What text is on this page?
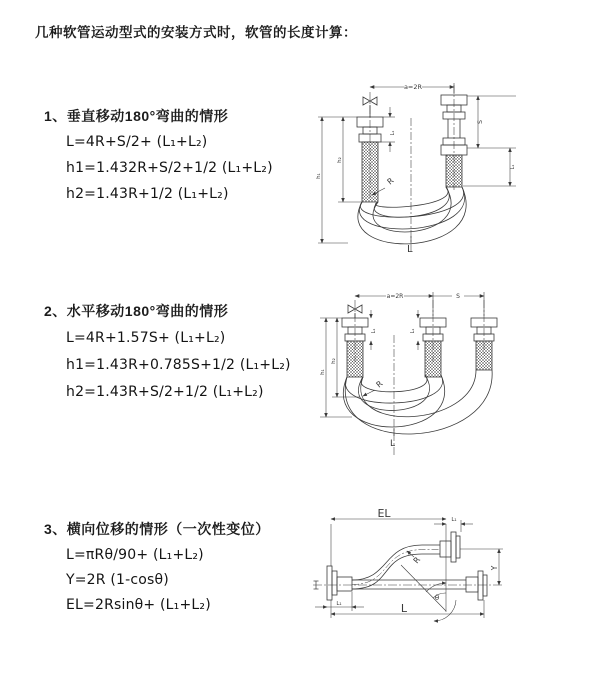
几种软管运动型式的安装方式时，软管的长度计算：
1、垂直移动180°弯曲的情形
L=4R+S/2+ (L₁+L₂)
h1=1.432R+S/2+1/2 (L₁+L₂)
h2=1.43R+1/2 (L₁+L₂)
2、水平移动180°弯曲的情形
L=4R+1.57S+ (L₁+L₂)
h1=1.43R+0.785S+1/2 (L₁+L₂)
h2=1.43R+S/2+1/2 (L₁+L₂)
3、横向位移的情形（一次性变位）
L=πRθ/90+ (L₁+L₂)
Y=2R (1-cosθ)
EL=2Rsinθ+ (L₁+L₂)
a=2R
L₁
h₁
h₂
S
L₁
R
L
a=2R	S
L₁	L₁
h₁
h₂
R
L
EL	L₁
Y
R
θ
L
L₁
